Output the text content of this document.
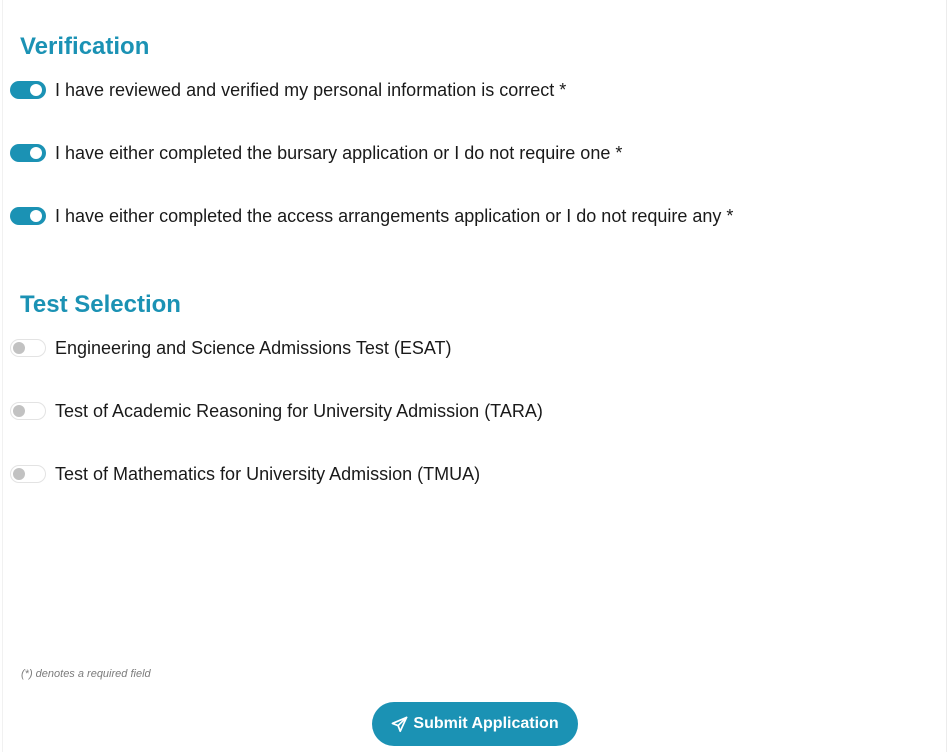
Verification
I have reviewed and verified my personal information is correct *
I have either completed the bursary application or I do not require one *
I have either completed the access arrangements application or I do not require any *
Test Selection
Engineering and Science Admissions Test (ESAT)
Test of Academic Reasoning for University Admission (TARA)
Test of Mathematics for University Admission (TMUA)
(*) denotes a required field
Submit Application
